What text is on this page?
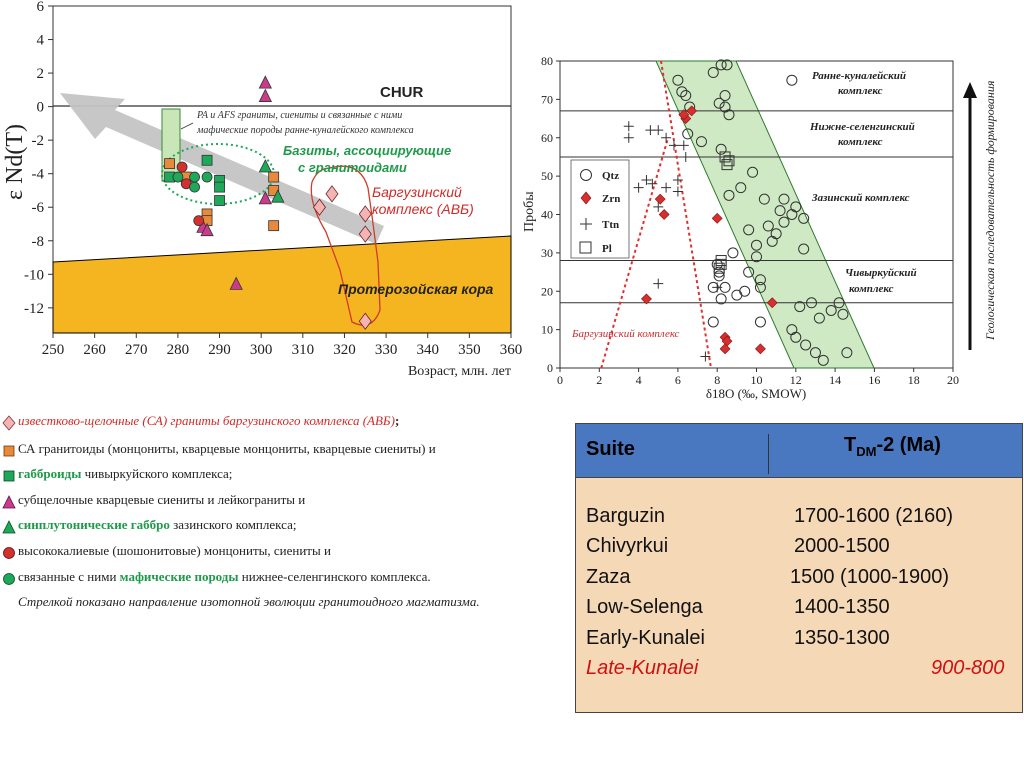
250 260 270 280 290 300 310 320 330 340 350 360
6
4
2
0
-2
-4
-6
-8
-10
-12
CHUR
PA и AFS граниты, сиениты и связанные с ними
мафические породы ранне-кунaлейского комплекса
Базиты, ассоциирующие
с гранитоидами
Баргузинский
комплекс (АВБ)
Протерозойская кора
Возраст, млн. лет
ε Nd(T)
0	2	4	6	8	10 12 14 16 18 20
0
10
20
30
40
50
60
70
80
Ранне-кунaлейский
комплекс
Нижне-селенгинский
комплекс
Зазинский комплекс
Чивыркуйский
комплекс
Баргузинский комплекс
Qtz
Zrn
Ttn
Pl
Пробы
δ18O (‰, SMOW)
Геологическая последовательность формирования
известково-щелочные (СА) граниты баргузинского комплекса (АВБ);
СА гранитоиды (монцониты, кварцевые монцониты, кварцевые сиениты) и
габброиды чивыркуйского комплекса;
субщелочные кварцевые сиениты и лейкограниты и
синплутонические габбро зазинского комплекса;
высококалиевые (шошонитовые) монцониты, сиениты и
связанные с ними мафические породы нижнее-селенгинского комплекса.
Стрелкой показано направление изотопной эволюции гранитоидного магматизма.
Suite	$T_{DM}-2$ (Ma)
Barguzin	1700-1600 (2160)
Chivyrkui	2000-1500
Zaza	1500 (1000-1900)
Low-Selenga	1400-1350
Early-Kunalei	1350-1300
Late-Kunalei	900-800
